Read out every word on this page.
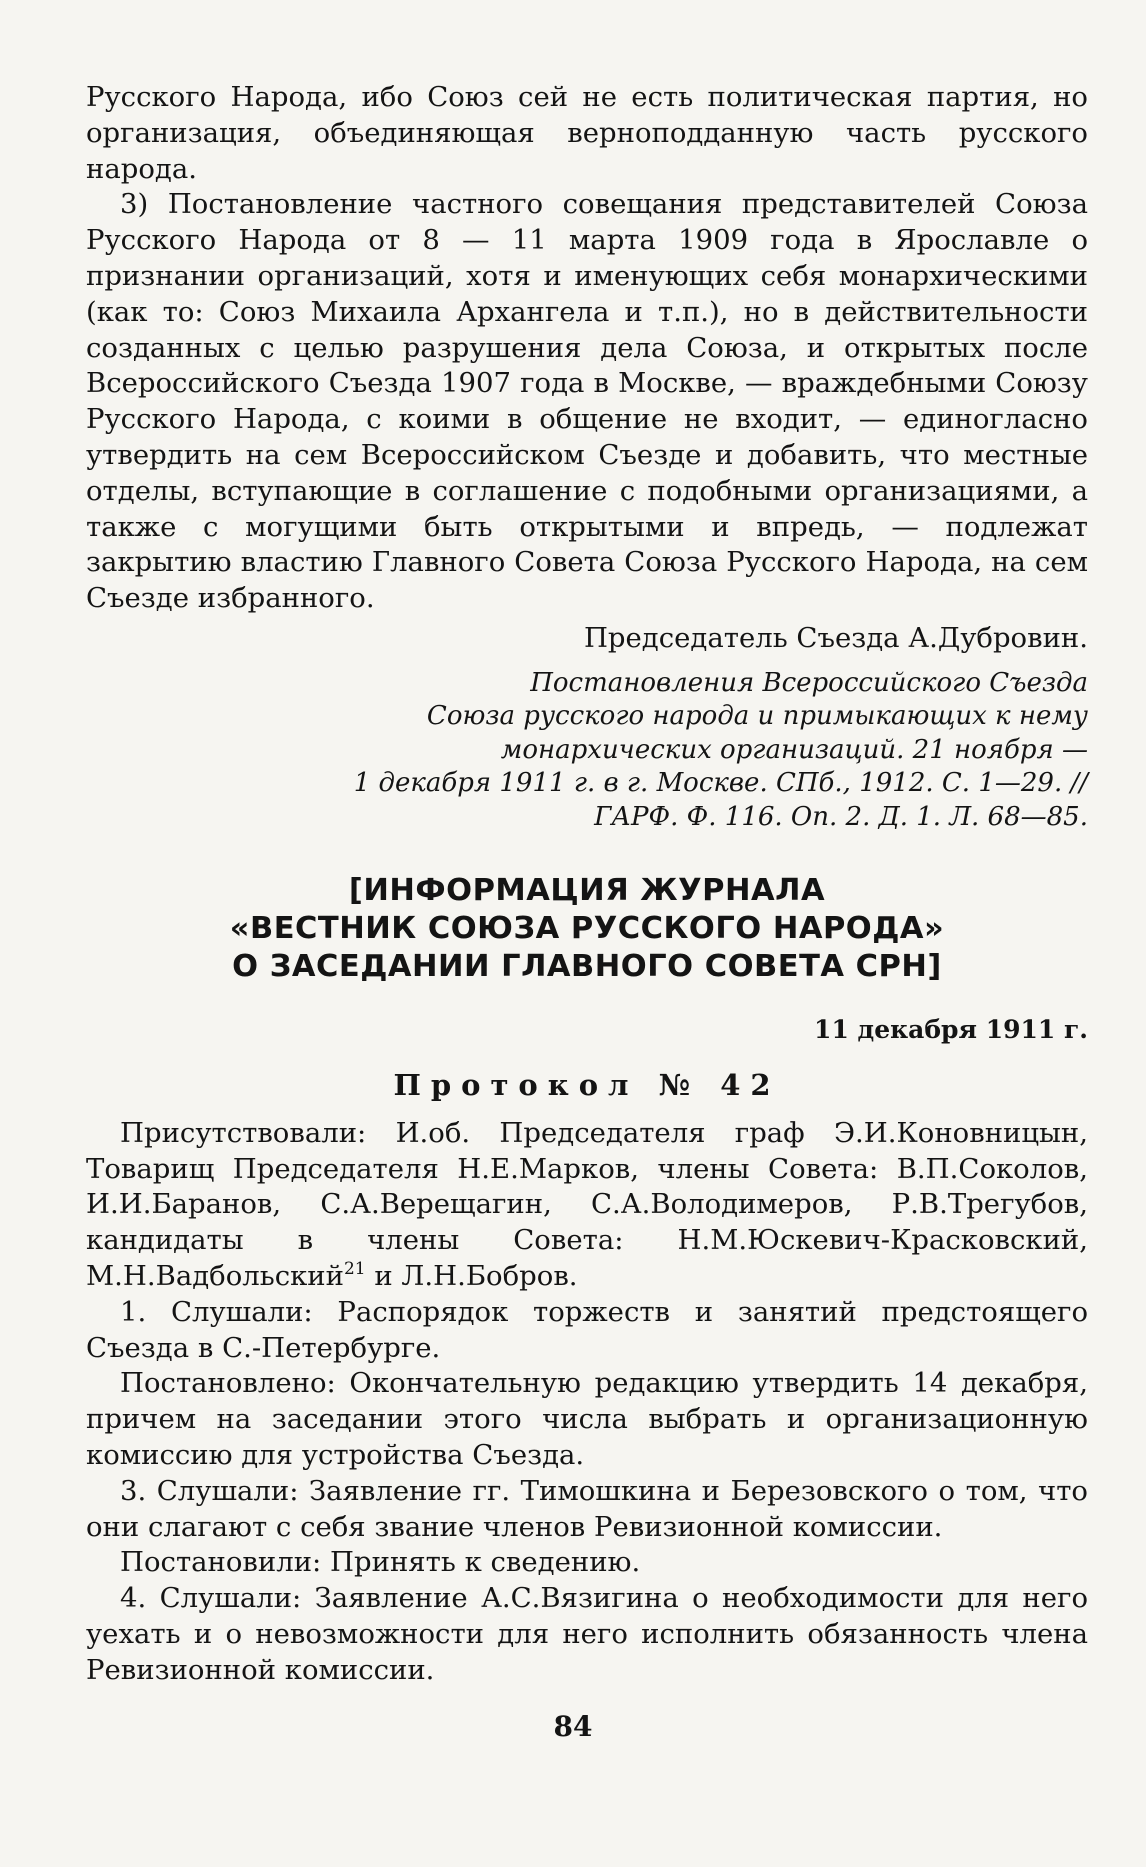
Русского Народа, ибо Союз сей не есть политическая партия, но организация, объединяющая верноподданную часть русского народа.

3) Постановление частного совещания представителей Союза Русского Народа от 8 — 11 марта 1909 года в Ярославле о признании организаций, хотя и именующих себя монархическими (как то: Союз Михаила Архангела и т.п.), но в действительности созданных с целью разрушения дела Союза, и открытых после Всероссийского Съезда 1907 года в Москве, — враждебными Союзу Русского Народа, с коими в общение не входит, — единогласно утвердить на сем Всероссийском Съезде и добавить, что местные отделы, вступающие в соглашение с подобными организациями, а также с могущими быть открытыми и впредь, — подлежат закрытию властию Главного Совета Союза Русского Народа, на сем Съезде избранного.

Председатель Съезда А.Дубровин.

Постановления Всероссийского Съезда
Союза русского народа и примыкающих к нему
монархических организаций. 21 ноября —
1 декабря 1911 г. в г. Москве. СПб., 1912. С. 1—29. //
ГАРФ. Ф. 116. Оп. 2. Д. 1. Л. 68—85.
[ИНФОРМАЦИЯ ЖУРНАЛА
«ВЕСТНИК СОЮЗА РУССКОГО НАРОДА»
О ЗАСЕДАНИИ ГЛАВНОГО СОВЕТА СРН]

11 декабря 1911 г.

Протокол № 42

Присутствовали: И.об. Председателя граф Э.И.Коновницын, Товарищ Председателя Н.Е.Марков, члены Совета: В.П.Соколов, И.И.Баранов, С.А.Верещагин, С.А.Володимеров, Р.В.Трегубов, кандидаты в члены Совета: Н.М.Юскевич-Красковский, М.Н.Вадбольский$^{21}$ и Л.Н.Бобров.

1. Слушали: Распорядок торжеств и занятий предстоящего Съезда в С.-Петербурге.

Постановлено: Окончательную редакцию утвердить 14 декабря, причем на заседании этого числа выбрать и организационную комиссию для устройства Съезда.

3. Слушали: Заявление гг. Тимошкина и Березовского о том, что они слагают с себя звание членов Ревизионной комиссии.

Постановили: Принять к сведению.

4. Слушали: Заявление А.С.Вязигина о необходимости для него уехать и о невозможности для него исполнить обязанность члена Ревизионной комиссии.

84
